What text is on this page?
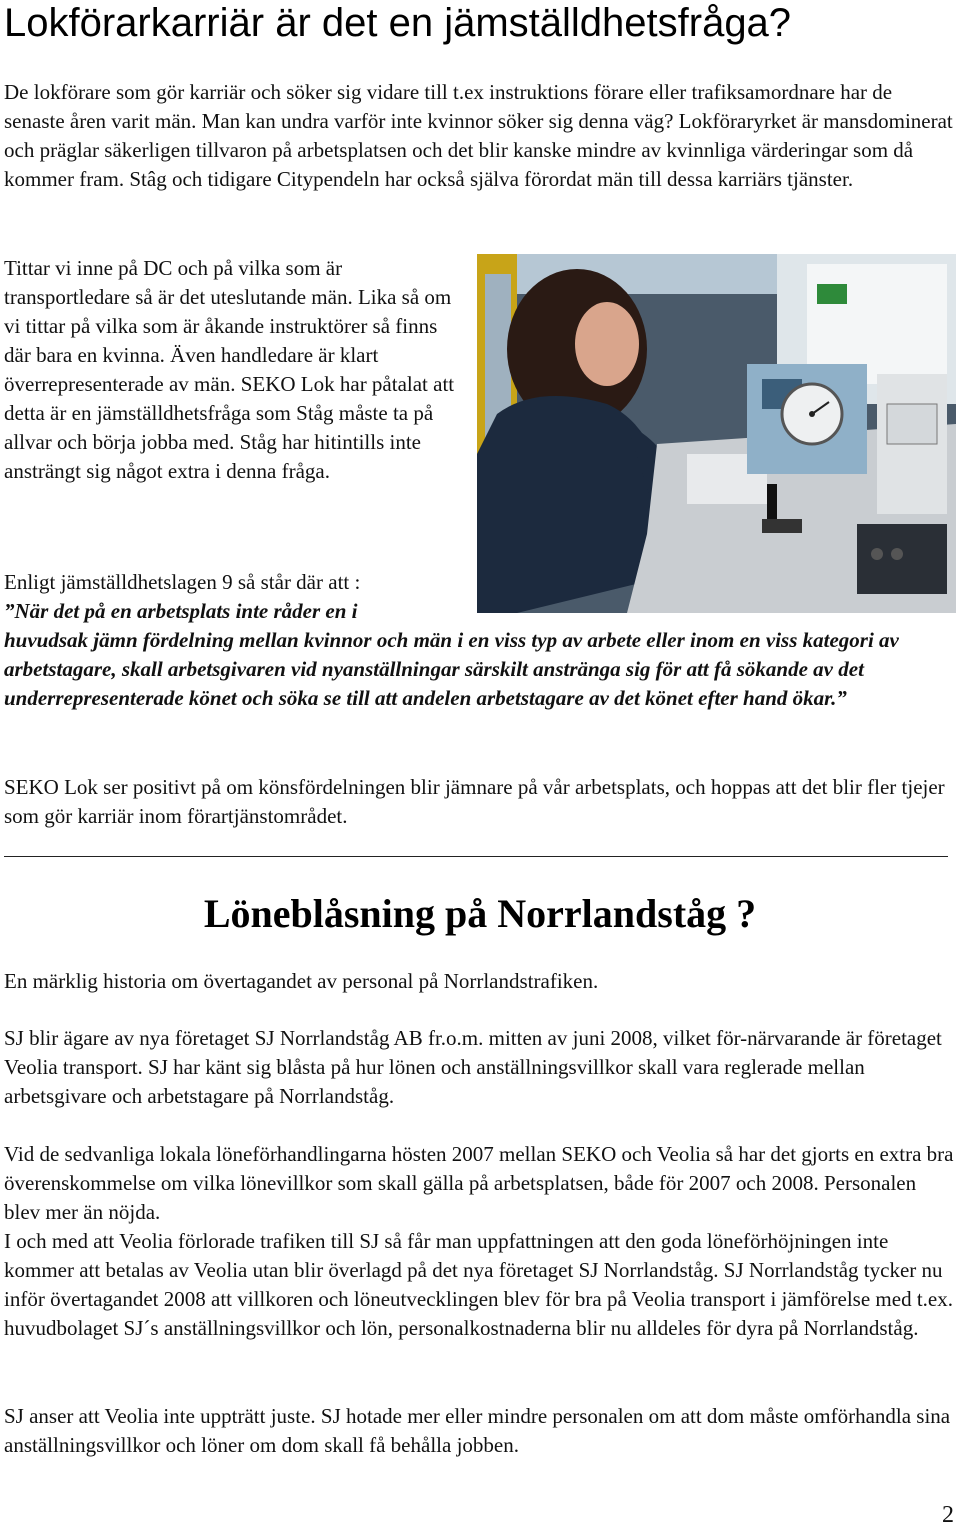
Lokförarkarriär är det en jämställdhetsfråga?

De lokförare som gör karriär och söker sig vidare till t.ex instruktions förare eller trafiksamordnare har de senaste åren varit män. Man kan undra varför inte kvinnor söker sig denna väg? Lokföraryrket är mansdominerat och präglar säkerligen tillvaron på arbetsplatsen och det blir kanske mindre av kvinnliga värderingar som då kommer fram. Stâg och tidigare Citypendeln har också själva förordat män till dessa karriärs tjänster.

Tittar vi inne på DC och på vilka som är transportledare så är det uteslutande män. Lika så om vi tittar på vilka som är åkande instruktörer så finns där bara en kvinna. Även handledare är klart överrepresenterade av män. SEKO Lok har påtalat att detta är en jämställdhetsfråga som Ståg måste ta på allvar och börja jobba med. Ståg har hitintills inte ansträngt sig något extra i denna fråga.

Enligt jämställdhetslagen 9 så står där att :

”När det på en arbetsplats inte råder en i
huvudsak jämn fördelning mellan kvinnor och män i en viss typ av arbete eller inom en viss kategori av arbetstagare, skall arbetsgivaren vid nyanställningar särskilt anstränga sig för att få sökande av det underrepresenterade könet och söka se till att andelen arbetstagare av det könet efter hand ökar.”

SEKO Lok ser positivt på om könsfördelningen blir jämnare på vår arbetsplats, och hoppas att det blir fler tjejer som gör karriär inom förartjänstområdet.

Löneblåsning på Norrlandståg ?

En märklig historia om övertagandet av personal på Norrlandstrafiken.

SJ blir ägare av nya företaget SJ Norrlandståg AB fr.o.m. mitten av juni 2008, vilket för-närvarande är företaget Veolia transport. SJ har känt sig blåsta på hur lönen och anställningsvillkor skall vara reglerade mellan arbetsgivare och arbetstagare på Norrlandståg.

Vid de sedvanliga lokala löneförhandlingarna hösten 2007 mellan SEKO och Veolia så har det gjorts en extra bra överenskommelse om vilka lönevillkor som skall gälla på arbetsplatsen, både för 2007 och 2008. Personalen blev mer än nöjda.
I och med att Veolia förlorade trafiken till SJ så får man uppfattningen att den goda löneförhöjningen inte kommer att betalas av Veolia utan blir överlagd på det nya företaget SJ Norrlandståg. SJ Norrlandståg tycker nu inför övertagandet 2008 att villkoren och löneutvecklingen blev för bra på Veolia transport i jämförelse med t.ex. huvudbolaget SJ´s anställningsvillkor och lön, personalkostnaderna blir nu alldeles för dyra på Norrlandståg.

SJ anser att Veolia inte uppträtt juste. SJ hotade mer eller mindre personalen om att dom måste omförhandla sina anställningsvillkor och löner om dom skall få behålla jobben.

2
